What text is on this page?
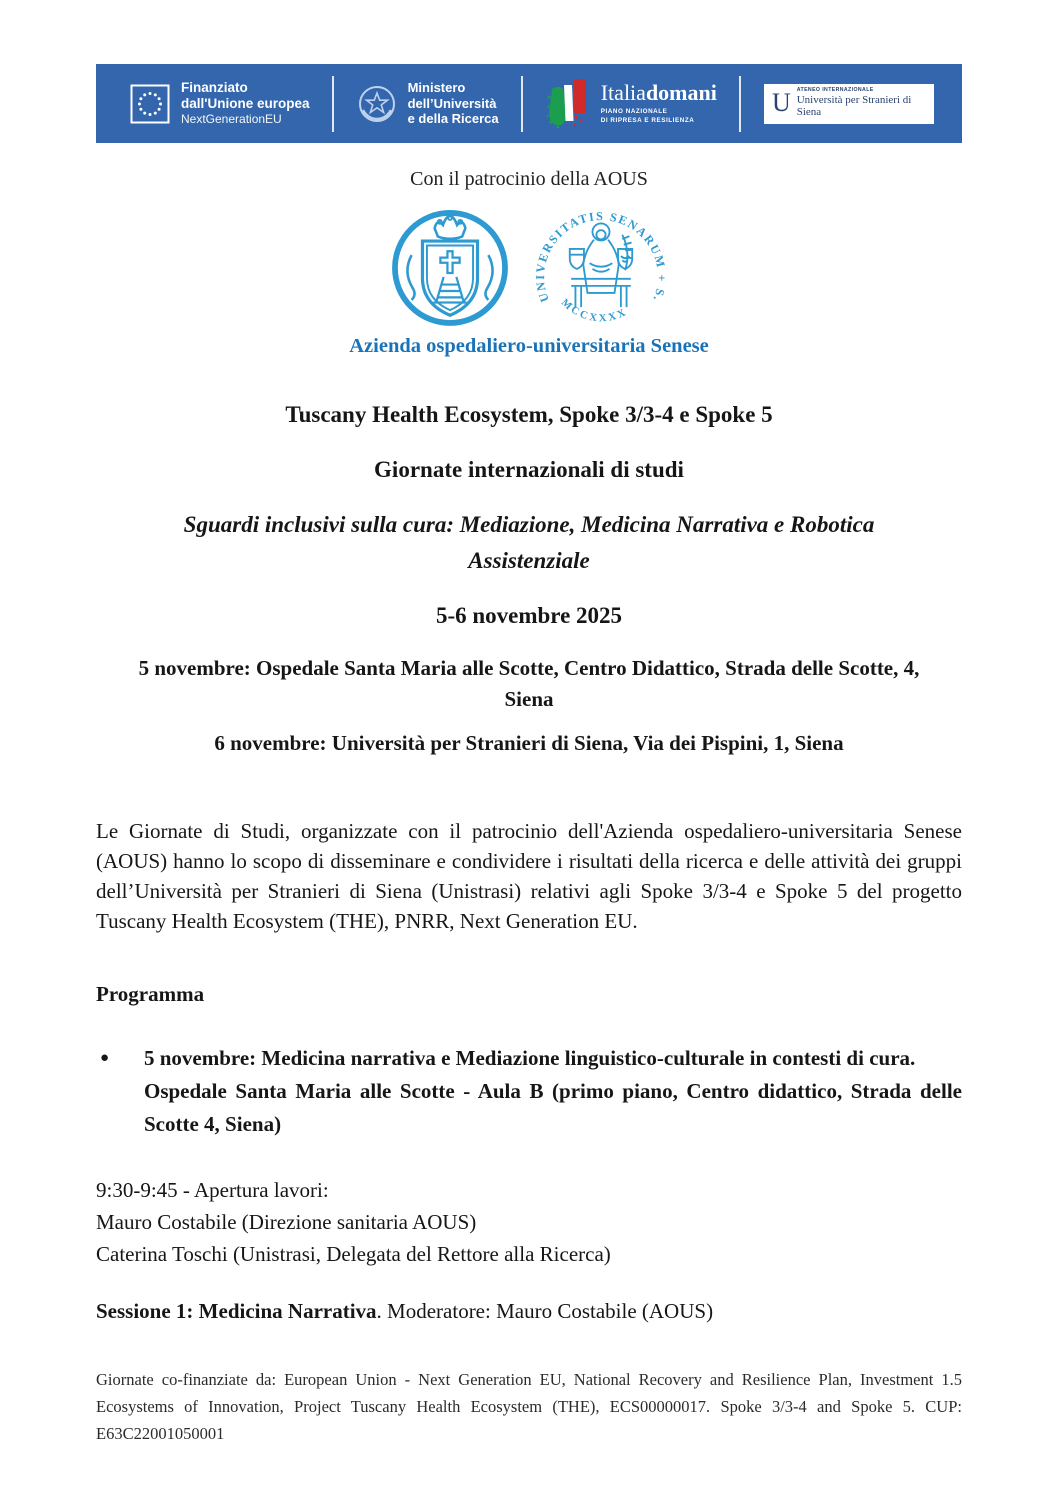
Finanziato
dall'Unione europea
NextGenerationEU
Ministero
dell’Università
e della Ricerca
Italiadomani
PIANO NAZIONALE
DI RIPRESA E RESILIENZA
U ATENEO INTERNAZIONALE
Università per Stranieri di Siena
Con il patrocinio della AOUS
UNIVERSITATIS SENARUM + S.
MCCXXXX
Azienda ospedaliero-universitaria Senese
Tuscany Health Ecosystem, Spoke 3/3-4 e Spoke 5
Giornate internazionali di studi
Sguardi inclusivi sulla cura: Mediazione, Medicina Narrativa e Robotica Assistenziale
5-6 novembre 2025
5 novembre: Ospedale Santa Maria alle Scotte, Centro Didattico, Strada delle Scotte, 4, Siena
6 novembre: Università per Stranieri di Siena, Via dei Pispini, 1, Siena

Le Giornate di Studi, organizzate con il patrocinio dell'Azienda ospedaliero-universitaria Senese (AOUS) hanno lo scopo di disseminare e condividere i risultati della ricerca e delle attività dei gruppi dell’Università per Stranieri di Siena (Unistrasi) relativi agli Spoke 3/3-4 e Spoke 5 del progetto Tuscany Health Ecosystem (THE), PNRR, Next Generation EU.

Programma
●	5 novembre: Medicina narrativa e Mediazione linguistico-culturale in contesti di cura.
Ospedale Santa Maria alle Scotte - Aula B (primo piano, Centro didattico, Strada delle Scotte 4, Siena)
9:30-9:45 - Apertura lavori:
Mauro Costabile (Direzione sanitaria AOUS)
Caterina Toschi (Unistrasi, Delegata del Rettore alla Ricerca)
Sessione 1: Medicina Narrativa. Moderatore: Mauro Costabile (AOUS)

Giornate co-finanziate da: European Union - Next Generation EU, National Recovery and Resilience Plan, Investment 1.5 Ecosystems of Innovation, Project Tuscany Health Ecosystem (THE), ECS00000017. Spoke 3/3-4 and Spoke 5. CUP: E63C22001050001
